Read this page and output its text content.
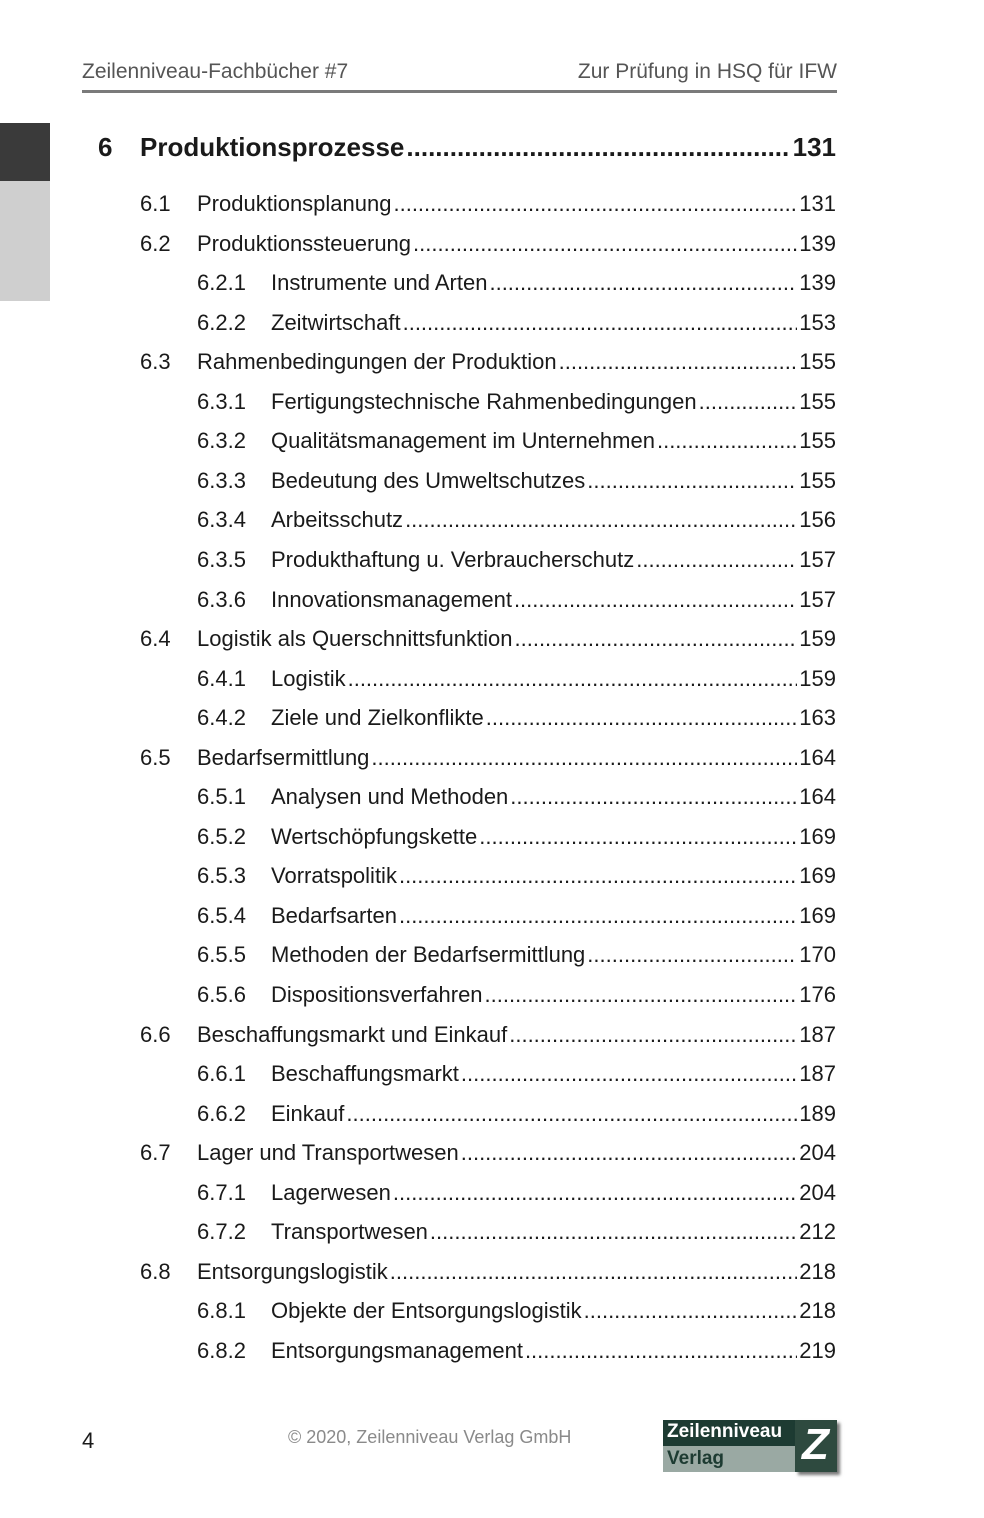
Zeilenniveau-Fachbücher #7	Zur Prüfung in HSQ für IFW
6 Produktionsprozesse .....	131
6.1 Produktionsplanung .....	131
6.2 Produktionssteuerung .....	139
6.2.1 Instrumente und Arten .....	139
6.2.2 Zeitwirtschaft .....	153
6.3 Rahmenbedingungen der Produktion .....	155
6.3.1 Fertigungstechnische Rahmenbedingungen .....	155
6.3.2 Qualitätsmanagement im Unternehmen .....	155
6.3.3 Bedeutung des Umweltschutzes .....	155
6.3.4 Arbeitsschutz .....	156
6.3.5 Produkthaftung u. Verbraucherschutz .....	157
6.3.6 Innovationsmanagement .....	157
6.4 Logistik als Querschnittsfunktion .....	159
6.4.1 Logistik .....	159
6.4.2 Ziele und Zielkonflikte .....	163
6.5 Bedarfsermittlung .....	164
6.5.1 Analysen und Methoden .....	164
6.5.2 Wertschöpfungskette .....	169
6.5.3 Vorratspolitik .....	169
6.5.4 Bedarfsarten .....	169
6.5.5 Methoden der Bedarfsermittlung .....	170
6.5.6 Dispositionsverfahren .....	176
6.6 Beschaffungsmarkt und Einkauf .....	187
6.6.1 Beschaffungsmarkt .....	187
6.6.2 Einkauf .....	189
6.7 Lager und Transportwesen .....	204
6.7.1 Lagerwesen .....	204
6.7.2 Transportwesen .....	212
6.8 Entsorgungslogistik .....	218
6.8.1 Objekte der Entsorgungslogistik .....	218
6.8.2 Entsorgungsmanagement .....	219
4	© 2020, Zeilenniveau Verlag GmbH	Zeilenniveau
Verlag Z
